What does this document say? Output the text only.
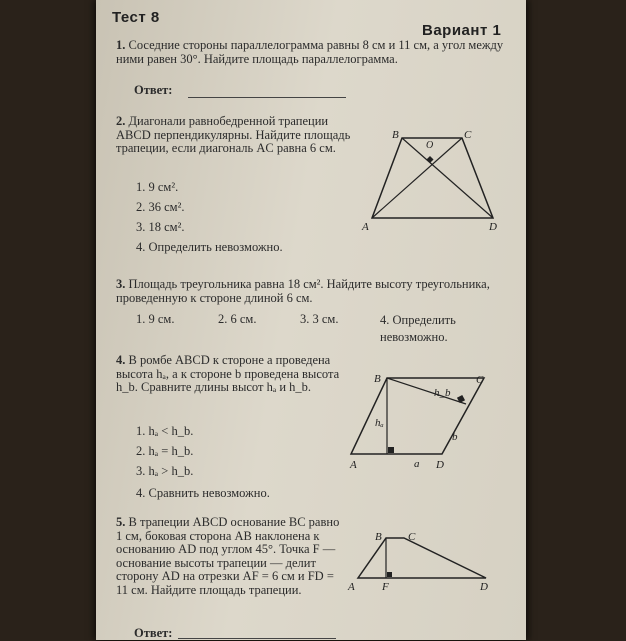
Тест 8
Вариант 1
1. Соседние стороны параллелограмма равны 8 см и 11 см, а угол между ними равен 30°. Найдите площадь параллелограмма.
Ответ:
2. Диагонали равнобедренной трапеции ABCD перпендикулярны. Найдите площадь трапеции, если диагональ AC равна 6 см.
1. 9 см².
2. 36 см².
3. 18 см².
4. Определить невозможно.
B	C
O
A	D
3. Площадь треугольника равна 18 см². Найдите высоту треугольника, проведенную к стороне длиной 6 см.
1. 9 см.	2. 6 см.	3. 3 см.	4. Определить невозможно.
4. В ромбе ABCD к стороне a проведена высота hₐ, а к стороне b проведена высота h_b. Сравните длины высот hₐ и h_b.
1. hₐ < h_b.
2. hₐ = h_b.
3. hₐ > h_b.
4. Сравнить невозможно.
B	C
A	D
a
b
hₐ
h_b
5. В трапеции ABCD основание BC равно 1 см, боковая сторона AB наклонена к основанию AD под углом 45°. Точка F — основание высоты трапеции — делит сторону AD на отрезки AF = 6 см и FD = 11 см. Найдите площадь трапеции.
Ответ:
B C
A F	D
